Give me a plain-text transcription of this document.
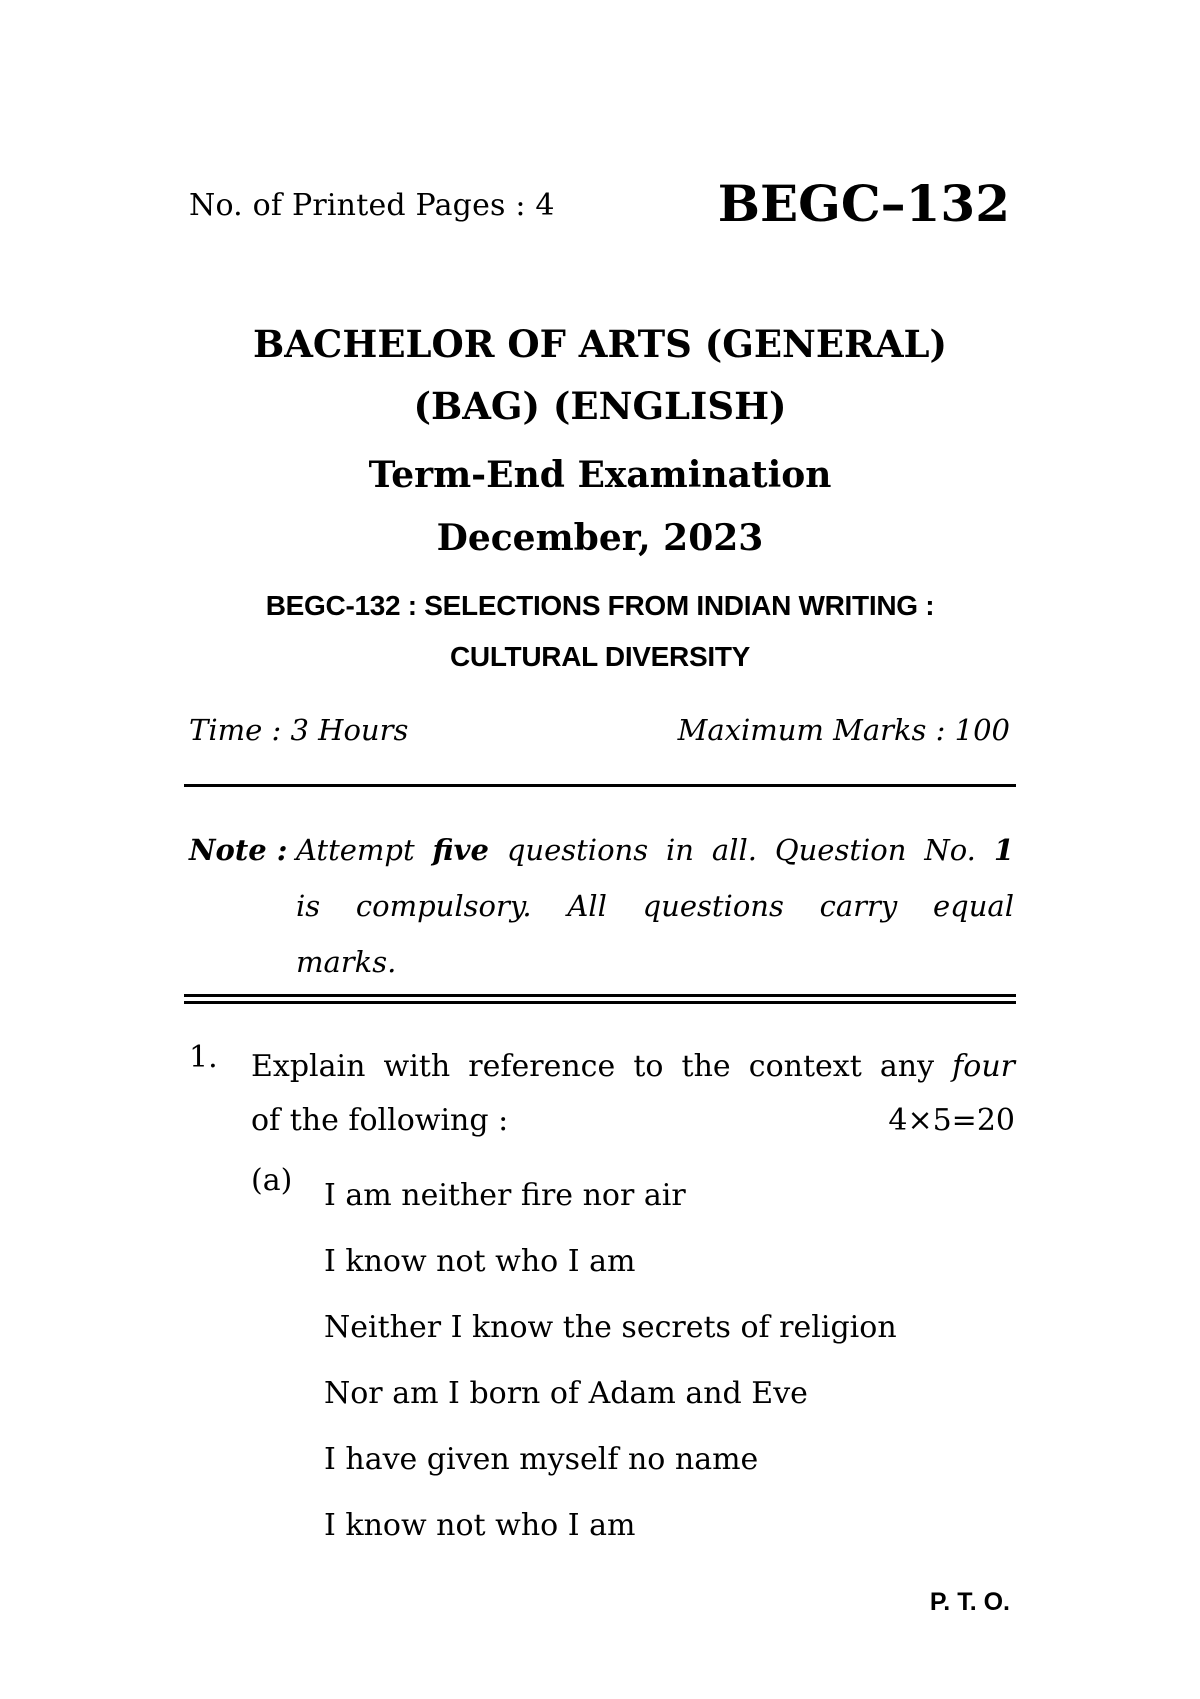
No. of Printed Pages : 4	BEGC–132
BACHELOR OF ARTS (GENERAL)
(BAG) (ENGLISH)
Term-End Examination
December, 2023
BEGC-132 : SELECTIONS FROM INDIAN WRITING :
CULTURAL DIVERSITY
Time : 3 Hours	Maximum Marks : 100
Note : Attempt five questions in all. Question No. 1
is compulsory. All questions carry equal
marks.
1. Explain with reference to the context any four
of the following :	4×5=20
(a) I am neither fire nor air
I know not who I am
Neither I know the secrets of religion
Nor am I born of Adam and Eve
I have given myself no name
I know not who I am
P. T. O.
